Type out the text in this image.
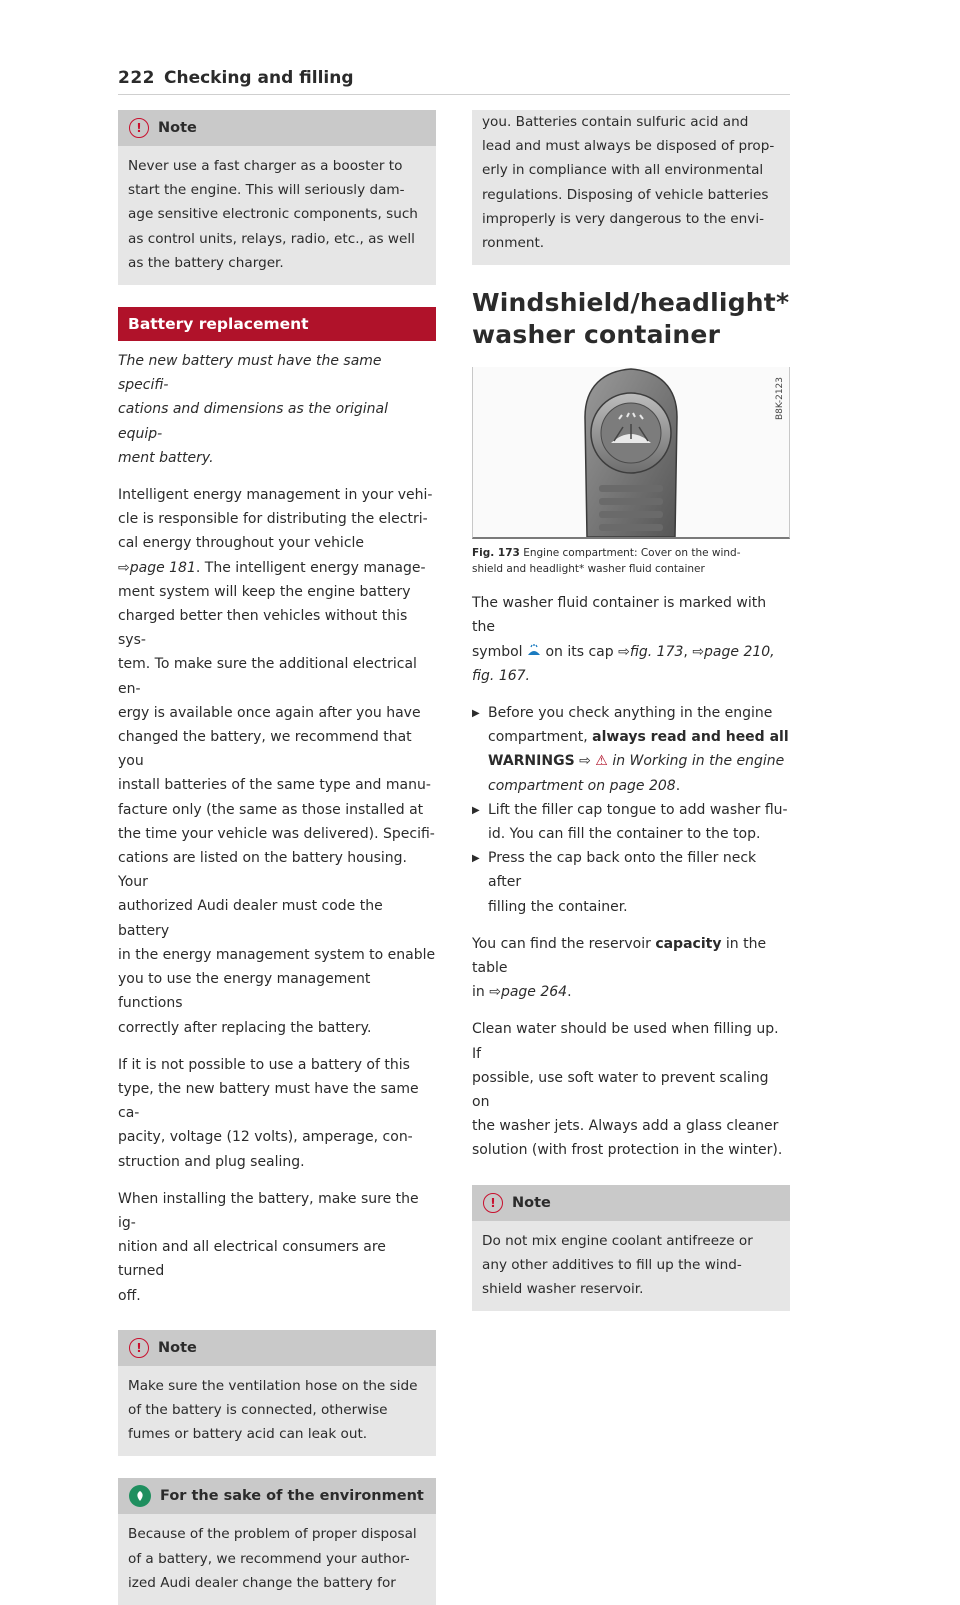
222 Checking and filling
!	Note

Never use a fast charger as a booster to

start the engine. This will seriously dam-

age sensitive electronic components, such

as control units, relays, radio, etc., as well

as the battery charger.

Battery replacement

The new battery must have the same specifi-

cations and dimensions as the original equip-

ment battery.

Intelligent energy management in your vehi-

cle is responsible for distributing the electri-

cal energy throughout your vehicle

⇨page 181. The intelligent energy manage-

ment system will keep the engine battery

charged better then vehicles without this sys-

tem. To make sure the additional electrical en-

ergy is available once again after you have

changed the battery, we recommend that you

install batteries of the same type and manu-

facture only (the same as those installed at

the time your vehicle was delivered). Specifi-

cations are listed on the battery housing. Your

authorized Audi dealer must code the battery

in the energy management system to enable

you to use the energy management functions

correctly after replacing the battery.

If it is not possible to use a battery of this

type, the new battery must have the same ca-

pacity, voltage (12 volts), amperage, con-

struction and plug sealing.

When installing the battery, make sure the ig-

nition and all electrical consumers are turned

off.

!	Note

Make sure the ventilation hose on the side

of the battery is connected, otherwise

fumes or battery acid can leak out.

For the sake of the environment

Because of the problem of proper disposal

of a battery, we recommend your author-

ized Audi dealer change the battery for

you. Batteries contain sulfuric acid and

lead and must always be disposed of prop-

erly in compliance with all environmental

regulations. Disposing of vehicle batteries

improperly is very dangerous to the envi-

ronment.

Windshield/headlight*

washer container

B8K-2123
Fig. 173 Engine compartment: Cover on the wind-
shield and headlight* washer fluid container

The washer fluid container is marked with the

symbol on its cap ⇨fig. 173, ⇨page 210,

fig. 167.

▶ Before you check anything in the engine
compartment, always read and heed all
WARNINGS ⇨ ⚠ in Working in the engine
compartment on page 208.
▶ Lift the filler cap tongue to add washer flu-
id. You can fill the container to the top.
▶ Press the cap back onto the filler neck after
filling the container.

You can find the reservoir capacity in the table

in ⇨page 264.

Clean water should be used when filling up. If

possible, use soft water to prevent scaling on

the washer jets. Always add a glass cleaner

solution (with frost protection in the winter).

!	Note

Do not mix engine coolant antifreeze or

any other additives to fill up the wind-

shield washer reservoir.
